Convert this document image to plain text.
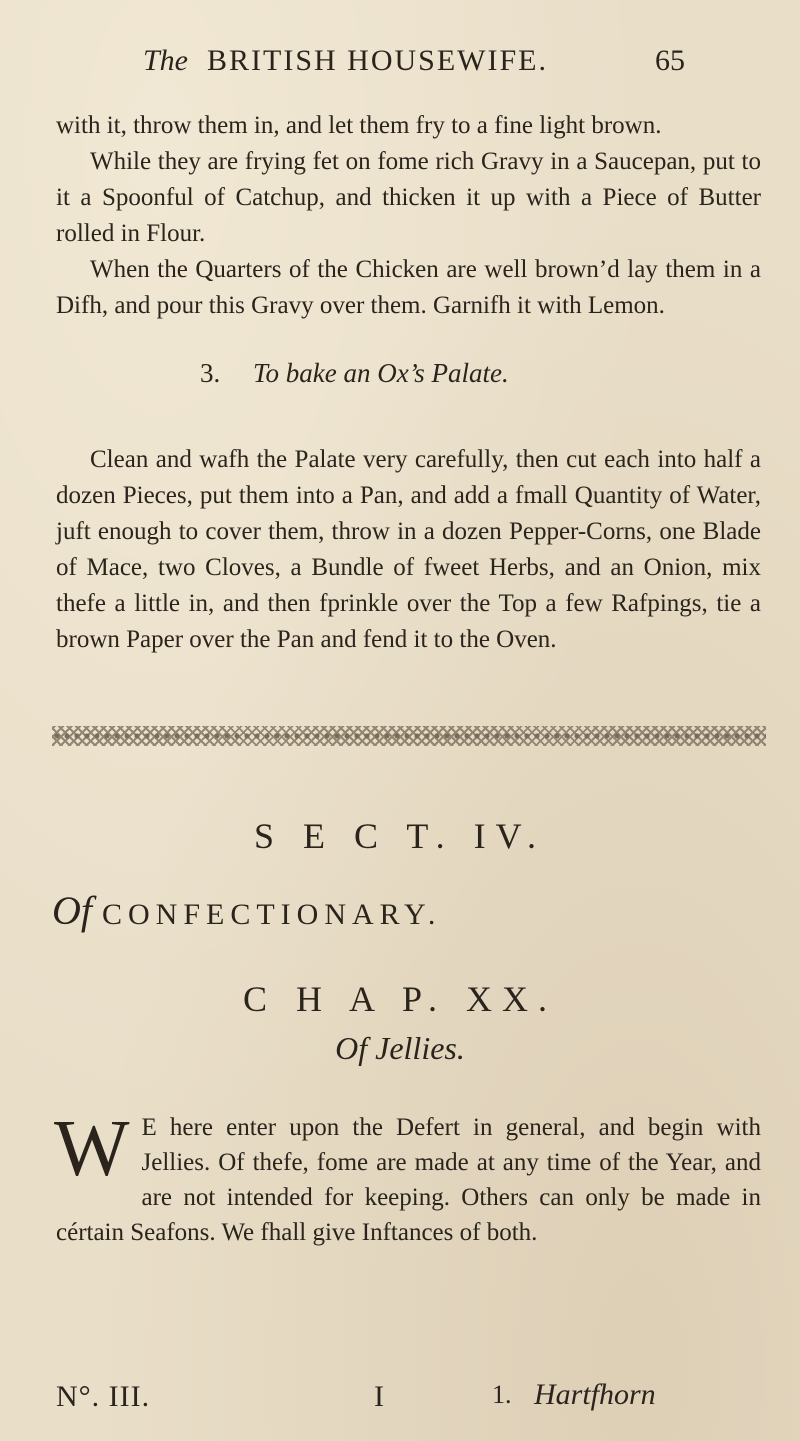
The BRITISH HOUSEWIFE.	65

with it, throw them in, and let them fry to a fine light brown.

While they are frying fet on fome rich Gravy in a Saucepan, put to it a Spoonful of Catchup, and thicken it up with a Piece of Butter rolled in Flour.

When the Quarters of the Chicken are well brown’d lay them in a Difh, and pour this Gravy over them. Garnifh it with Lemon.

3. To bake an Ox’s Palate.

Clean and wafh the Palate very carefully, then cut each into half a dozen Pieces, put them into a Pan, and add a fmall Quantity of Water, juft enough to cover them, throw in a dozen Pepper-Corns, one Blade of Mace, two Cloves, a Bundle of fweet Herbs, and an Onion, mix thefe a little in, and then fprinkle over the Top a few Rafpings, tie a brown Paper over the Pan and fend it to the Oven.

S E C T. IV.
Of CONFECTIONARY.
C H A P. XX.
Of Jellies.

W E here enter upon the Defert in general, and begin with Jellies. Of thefe, fome are made at any time of the Year, and are not intended for keeping. Others can only be made in cértain Seafons. We fhall give Inftances of both.

N°. III.	I	1. Hartfhorn
